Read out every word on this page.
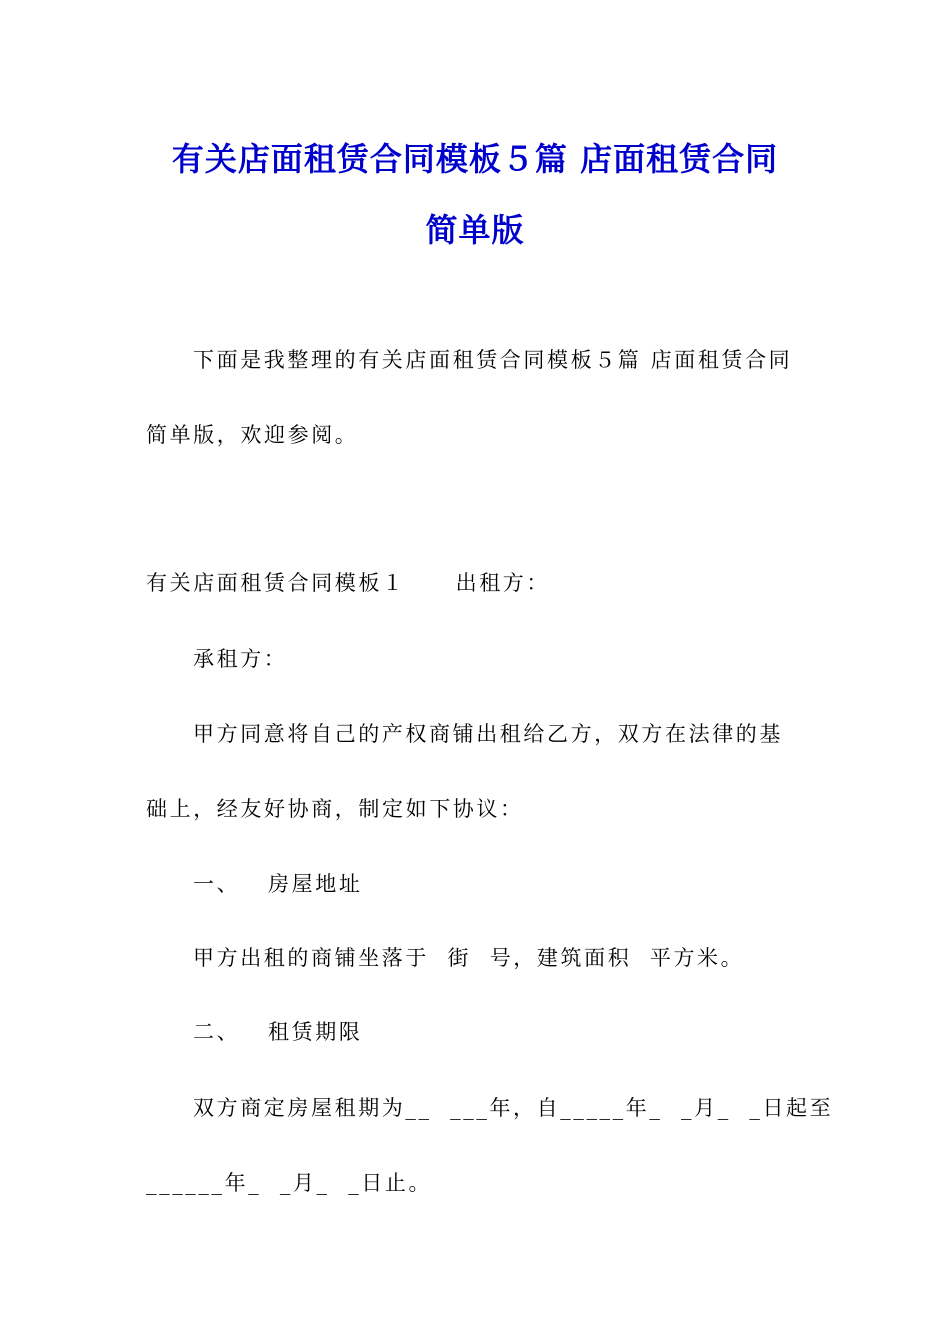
有关店面租赁合同模板５篇 店面租赁合同
简单版

下面是我整理的有关店面租赁合同模板５篇 店面租赁合同

简单版，欢迎参阅。

有关店面租赁合同模板１ 出租方：

承租方：

甲方同意将自己的产权商铺出租给乙方，双方在法律的基

础上，经友好协商，制定如下协议：

一、   房屋地址

甲方出租的商铺坐落于  街  号，建筑面积  平方米。

二、   租赁期限

双方商定房屋租期为__  ___年，自_____年_  _月_  _日起至

______年_  _月_  _日止。
